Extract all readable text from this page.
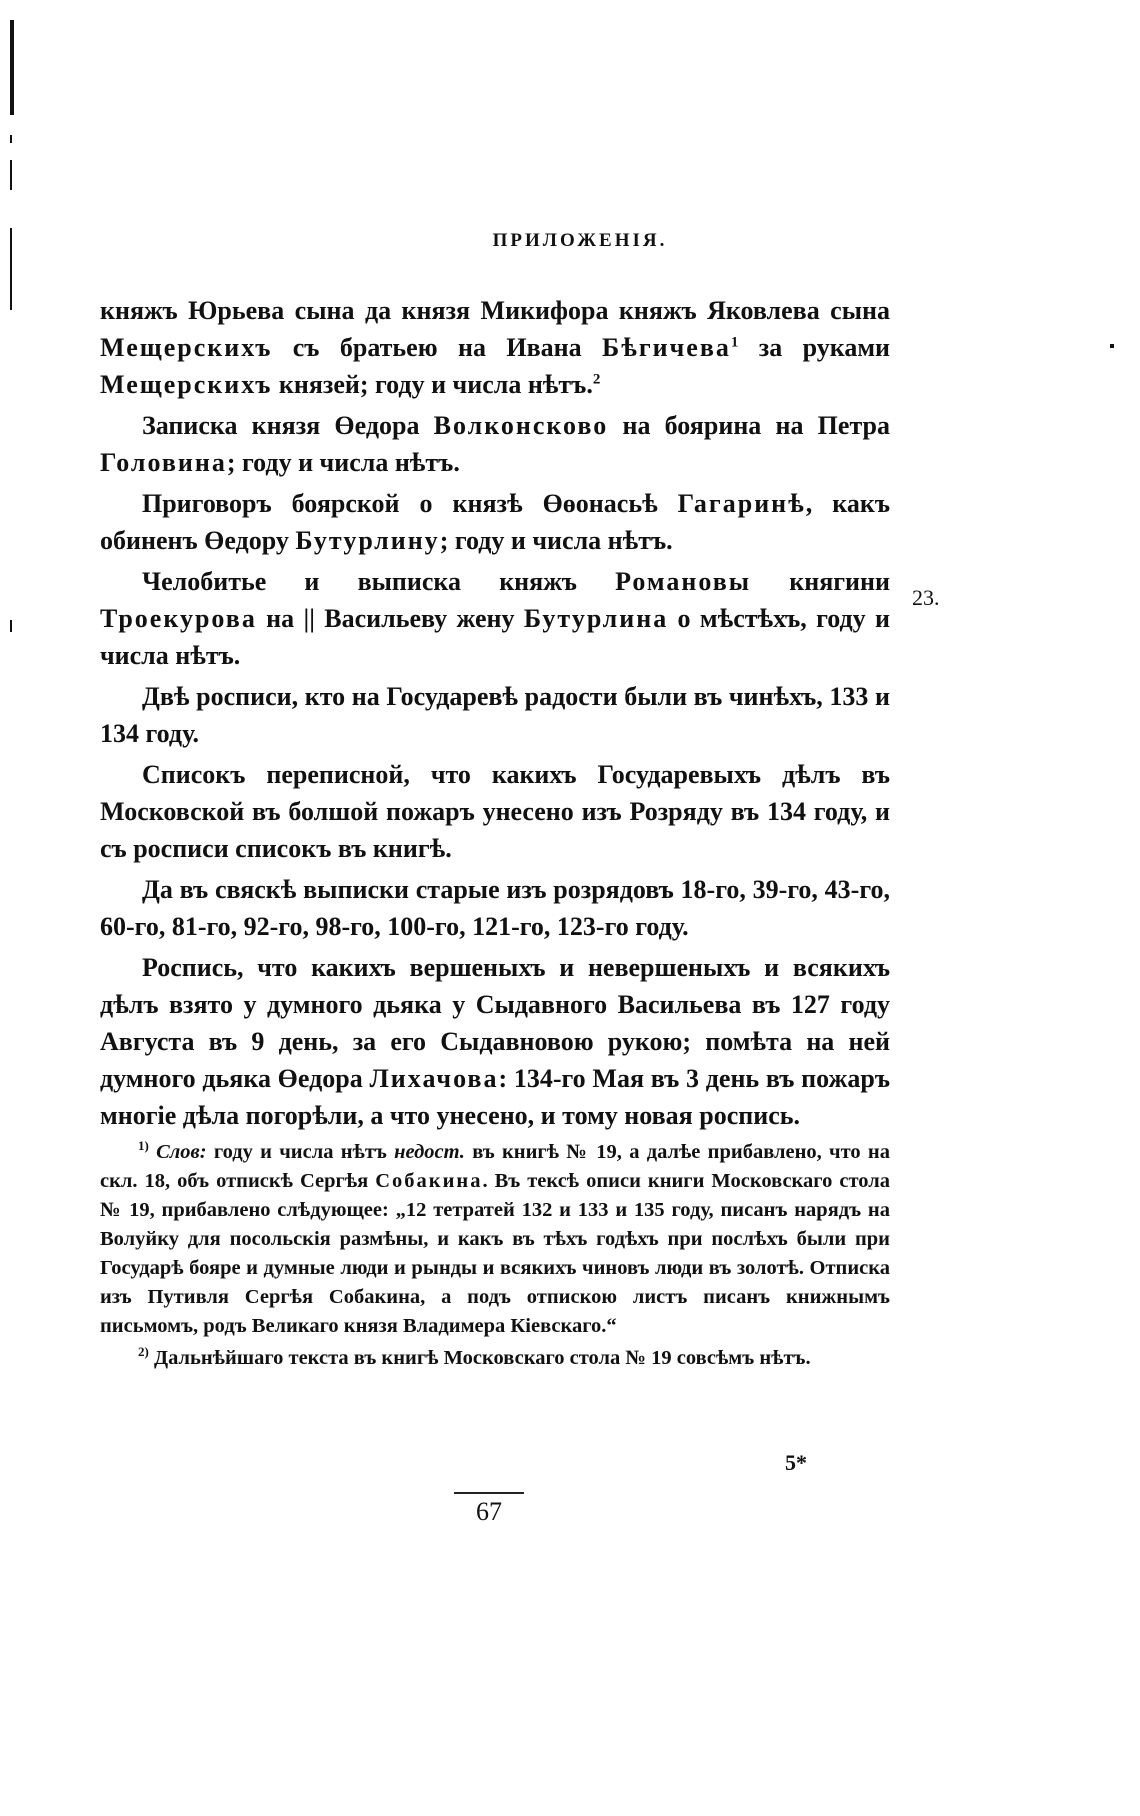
ПРИЛОЖЕНІЯ.

княжъ Юрьева сына да князя Микифора княжъ Яковлева сына Мещерскихъ съ братьею на Ивана Бѣгичева$^1$ за руками Мещерскихъ князей; году и числа нѣтъ.$^2$

Записка князя Өедора Волконсково на боярина на Петра Головина; году и числа нѣтъ.

Приговоръ боярской о князѣ Өөонасьѣ Гагаринѣ, какъ обиненъ Өедору Бутурлину; году и числа нѣтъ.

Челобитье и выписка княжъ Романовы княгини Троекурова на || Васильеву жену Бутурлина о мѣстѣхъ, году и числа нѣтъ.

Двѣ росписи, кто на Государевѣ радости были въ чинѣхъ, 133 и 134 году.

Списокъ переписной, что какихъ Государевыхъ дѣлъ въ Московской въ болшой пожаръ унесено изъ Розряду въ 134 году, и съ росписи списокъ въ книгѣ.

Да въ свяскѣ выписки старые изъ розрядовъ 18-го, 39-го, 43-го, 60-го, 81-го, 92-го, 98-го, 100-го, 121-го, 123-го году.

Роспись, что какихъ вершеныхъ и невершеныхъ и всякихъ дѣлъ взято у думного дьяка у Сыдавного Васильева въ 127 году Августа въ 9 день, за его Сыдавновою рукою; помѣта на ней думного дьяка Өедора Лихачова: 134-го Мая въ 3 день въ пожаръ многіе дѣла погорѣли, а что унесено, и тому новая роспись.

23.

$^{1)}$ Слов: году и числа нѣтъ недост. въ книгѣ № 19, а далѣе прибавлено, что на скл. 18, объ отпискѣ Сергѣя Собакина. Въ тексѣ описи книги Московскаго стола № 19, прибавлено слѣдующее: „12 тетратей 132 и 133 и 135 году, писанъ нарядъ на Волуйку для посольскія размѣны, и какъ въ тѣхъ годѣхъ при послѣхъ были при Государѣ бояре и думные люди и рынды и всякихъ чиновъ люди въ золотѣ. Отписка изъ Путивля Сергѣя Собакина, а подъ отпискою листъ писанъ книжнымъ письмомъ, родъ Великаго князя Владимера Кіевскаго.“

$^{2)}$ Дальнѣйшаго текста въ книгѣ Московскаго стола № 19 совсѣмъ нѣтъ.

5*
67
